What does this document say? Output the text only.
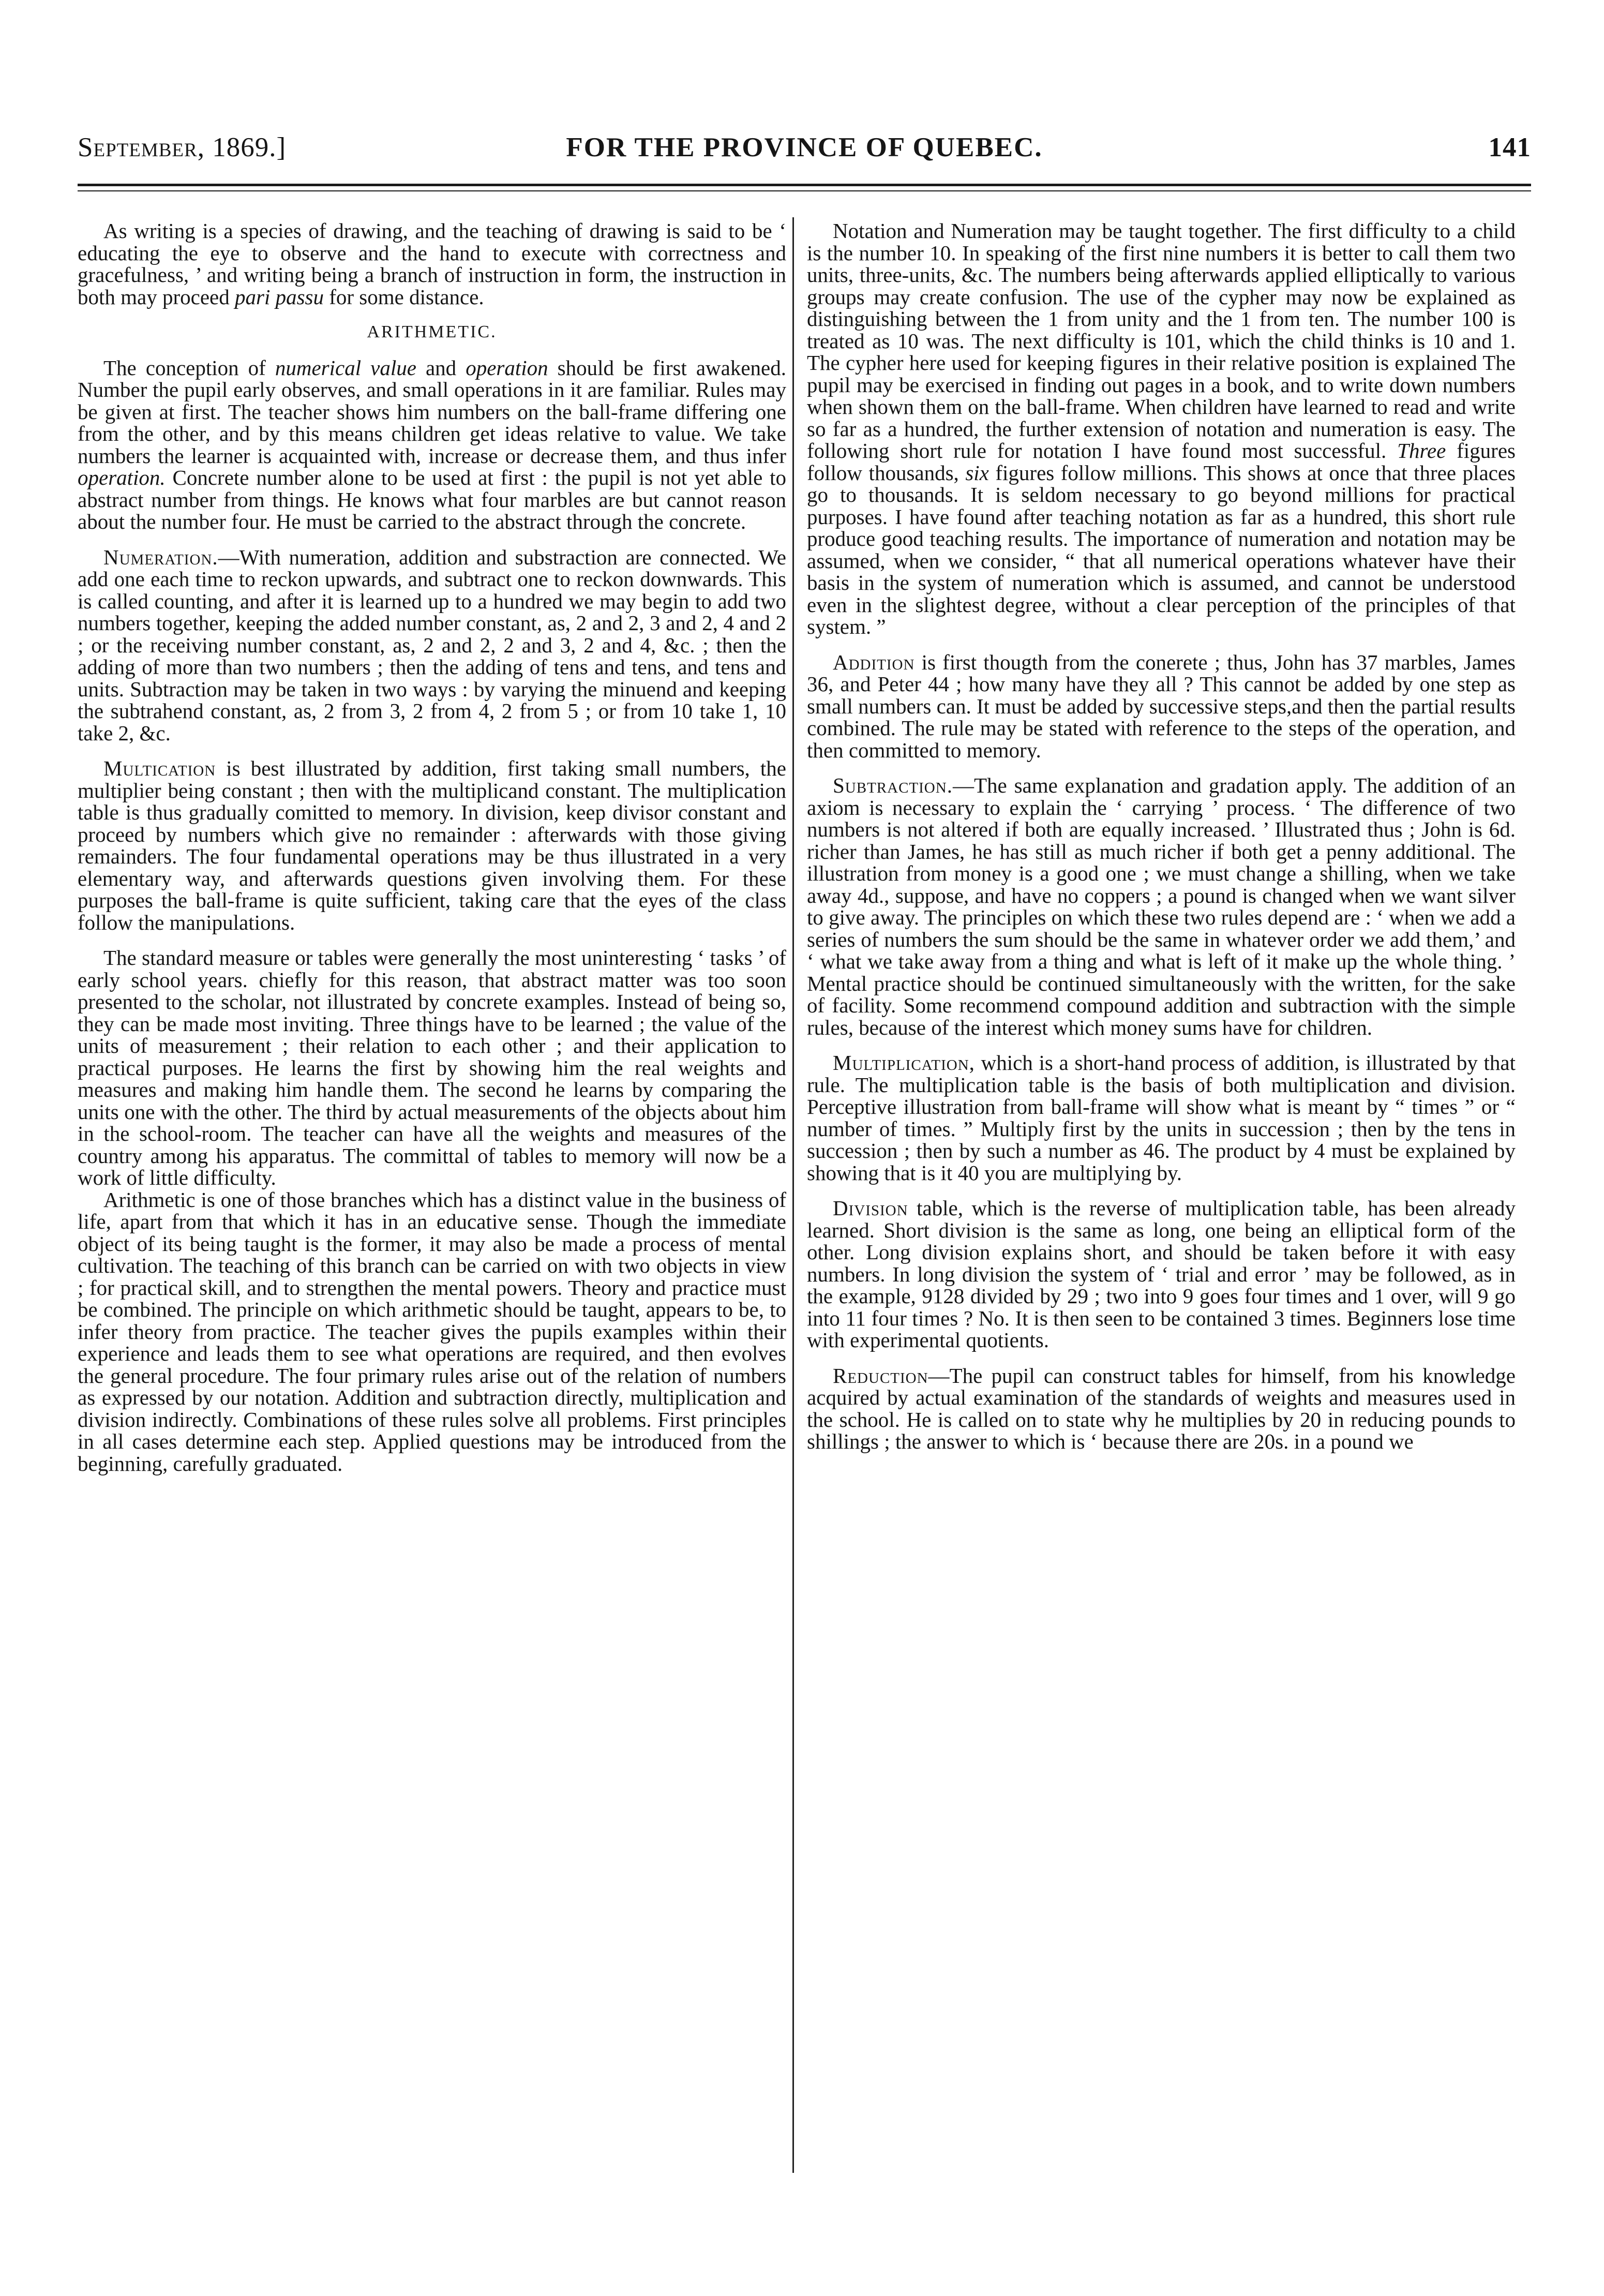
September, 1869.]	FOR THE PROVINCE OF QUEBEC.	141

As writing is a species of drawing, and the teaching of drawing is said to be ‘ educating the eye to observe and the hand to execute with correctness and gracefulness, ’ and writing being a branch of instruction in form, the instruction in both may proceed pari passu for some distance.

ARITHMETIC.

The conception of numerical value and operation should be first awakened. Number the pupil early observes, and small operations in it are familiar. Rules may be given at first. The teacher shows him numbers on the ball-frame differing one from the other, and by this means children get ideas relative to value. We take numbers the learner is acquainted with, increase or decrease them, and thus infer operation. Concrete number alone to be used at first : the pupil is not yet able to abstract number from things. He knows what four marbles are but cannot reason about the number four. He must be carried to the abstract through the concrete.

Numeration.—With numeration, addition and substraction are connected. We add one each time to reckon upwards, and subtract one to reckon downwards. This is called counting, and after it is learned up to a hundred we may begin to add two numbers together, keeping the added number constant, as, 2 and 2, 3 and 2, 4 and 2 ; or the receiving number constant, as, 2 and 2, 2 and 3, 2 and 4, &c. ; then the adding of more than two numbers ; then the adding of tens and tens, and tens and units. Subtraction may be taken in two ways : by varying the minuend and keeping the subtrahend constant, as, 2 from 3, 2 from 4, 2 from 5 ; or from 10 take 1, 10 take 2, &c.

Multication is best illustrated by addition, first taking small numbers, the multiplier being constant ; then with the multiplicand constant. The multiplication table is thus gradually comitted to memory. In division, keep divisor constant and proceed by numbers which give no remainder : afterwards with those giving remainders. The four fundamental operations may be thus illustrated in a very elementary way, and afterwards questions given involving them. For these purposes the ball-frame is quite sufficient, taking care that the eyes of the class follow the manipulations.

The standard measure or tables were generally the most uninteresting ‘ tasks ’ of early school years. chiefly for this reason, that abstract matter was too soon presented to the scholar, not illustrated by concrete examples. Instead of being so, they can be made most inviting. Three things have to be learned ; the value of the units of measurement ; their relation to each other ; and their application to practical purposes. He learns the first by showing him the real weights and measures and making him handle them. The second he learns by comparing the units one with the other. The third by actual measurements of the objects about him in the school-room. The teacher can have all the weights and measures of the country among his apparatus. The committal of tables to memory will now be a work of little difficulty.

Arithmetic is one of those branches which has a distinct value in the business of life, apart from that which it has in an educative sense. Though the immediate object of its being taught is the former, it may also be made a process of mental cultivation. The teaching of this branch can be carried on with two objects in view ; for practical skill, and to strengthen the mental powers. Theory and practice must be combined. The principle on which arithmetic should be taught, appears to be, to infer theory from practice. The teacher gives the pupils examples within their experience and leads them to see what operations are required, and then evolves the general procedure. The four primary rules arise out of the relation of numbers as expressed by our notation. Addition and subtraction directly, multiplication and division indirectly. Combinations of these rules solve all problems. First principles in all cases determine each step. Applied questions may be introduced from the beginning, carefully graduated.

Notation and Numeration may be taught together. The first difficulty to a child is the number 10. In speaking of the first nine numbers it is better to call them two units, three-units, &c. The numbers being afterwards applied elliptically to various groups may create confusion. The use of the cypher may now be explained as distinguishing between the 1 from unity and the 1 from ten. The number 100 is treated as 10 was. The next difficulty is 101, which the child thinks is 10 and 1. The cypher here used for keeping figures in their relative position is explained The pupil may be exercised in finding out pages in a book, and to write down numbers when shown them on the ball-frame. When children have learned to read and write so far as a hundred, the further extension of notation and numeration is easy. The following short rule for notation I have found most successful. Three figures follow thousands, six figures follow millions. This shows at once that three places go to thousands. It is seldom necessary to go beyond millions for practical purposes. I have found after teaching notation as far as a hundred, this short rule produce good teaching results. The importance of numeration and notation may be assumed, when we consider, “ that all numerical operations whatever have their basis in the system of numeration which is assumed, and cannot be understood even in the slightest degree, without a clear perception of the principles of that system. ”

Addition is first thougth from the conerete ; thus, John has 37 marbles, James 36, and Peter 44 ; how many have they all ? This cannot be added by one step as small numbers can. It must be added by successive steps,and then the partial results combined. The rule may be stated with reference to the steps of the operation, and then committed to memory.

Subtraction.—The same explanation and gradation apply. The addition of an axiom is necessary to explain the ‘ carrying ’ process. ‘ The difference of two numbers is not altered if both are equally increased. ’ Illustrated thus ; John is 6d. richer than James, he has still as much richer if both get a penny additional. The illustration from money is a good one ; we must change a shilling, when we take away 4d., suppose, and have no coppers ; a pound is changed when we want silver to give away. The principles on which these two rules depend are : ‘ when we add a series of numbers the sum should be the same in whatever order we add them,’ and ‘ what we take away from a thing and what is left of it make up the whole thing. ’ Mental practice should be continued simultaneously with the written, for the sake of facility. Some recommend compound addition and subtraction with the simple rules, because of the interest which money sums have for children.

Multiplication, which is a short-hand process of addition, is illustrated by that rule. The multiplication table is the basis of both multiplication and division. Perceptive illustration from ball-frame will show what is meant by “ times ” or “ number of times. ” Multiply first by the units in succession ; then by the tens in succession ; then by such a number as 46. The product by 4 must be explained by showing that is it 40 you are multiplying by.

Division table, which is the reverse of multiplication table, has been already learned. Short division is the same as long, one being an elliptical form of the other. Long division explains short, and should be taken before it with easy numbers. In long division the system of ‘ trial and error ’ may be followed, as in the example, 9128 divided by 29 ; two into 9 goes four times and 1 over, will 9 go into 11 four times ? No. It is then seen to be contained 3 times. Beginners lose time with experimental quotients.

Reduction—The pupil can construct tables for himself, from his knowledge acquired by actual examination of the standards of weights and measures used in the school. He is called on to state why he multiplies by 20 in reducing pounds to shillings ; the answer to which is ‘ because there are 20s. in a pound we
